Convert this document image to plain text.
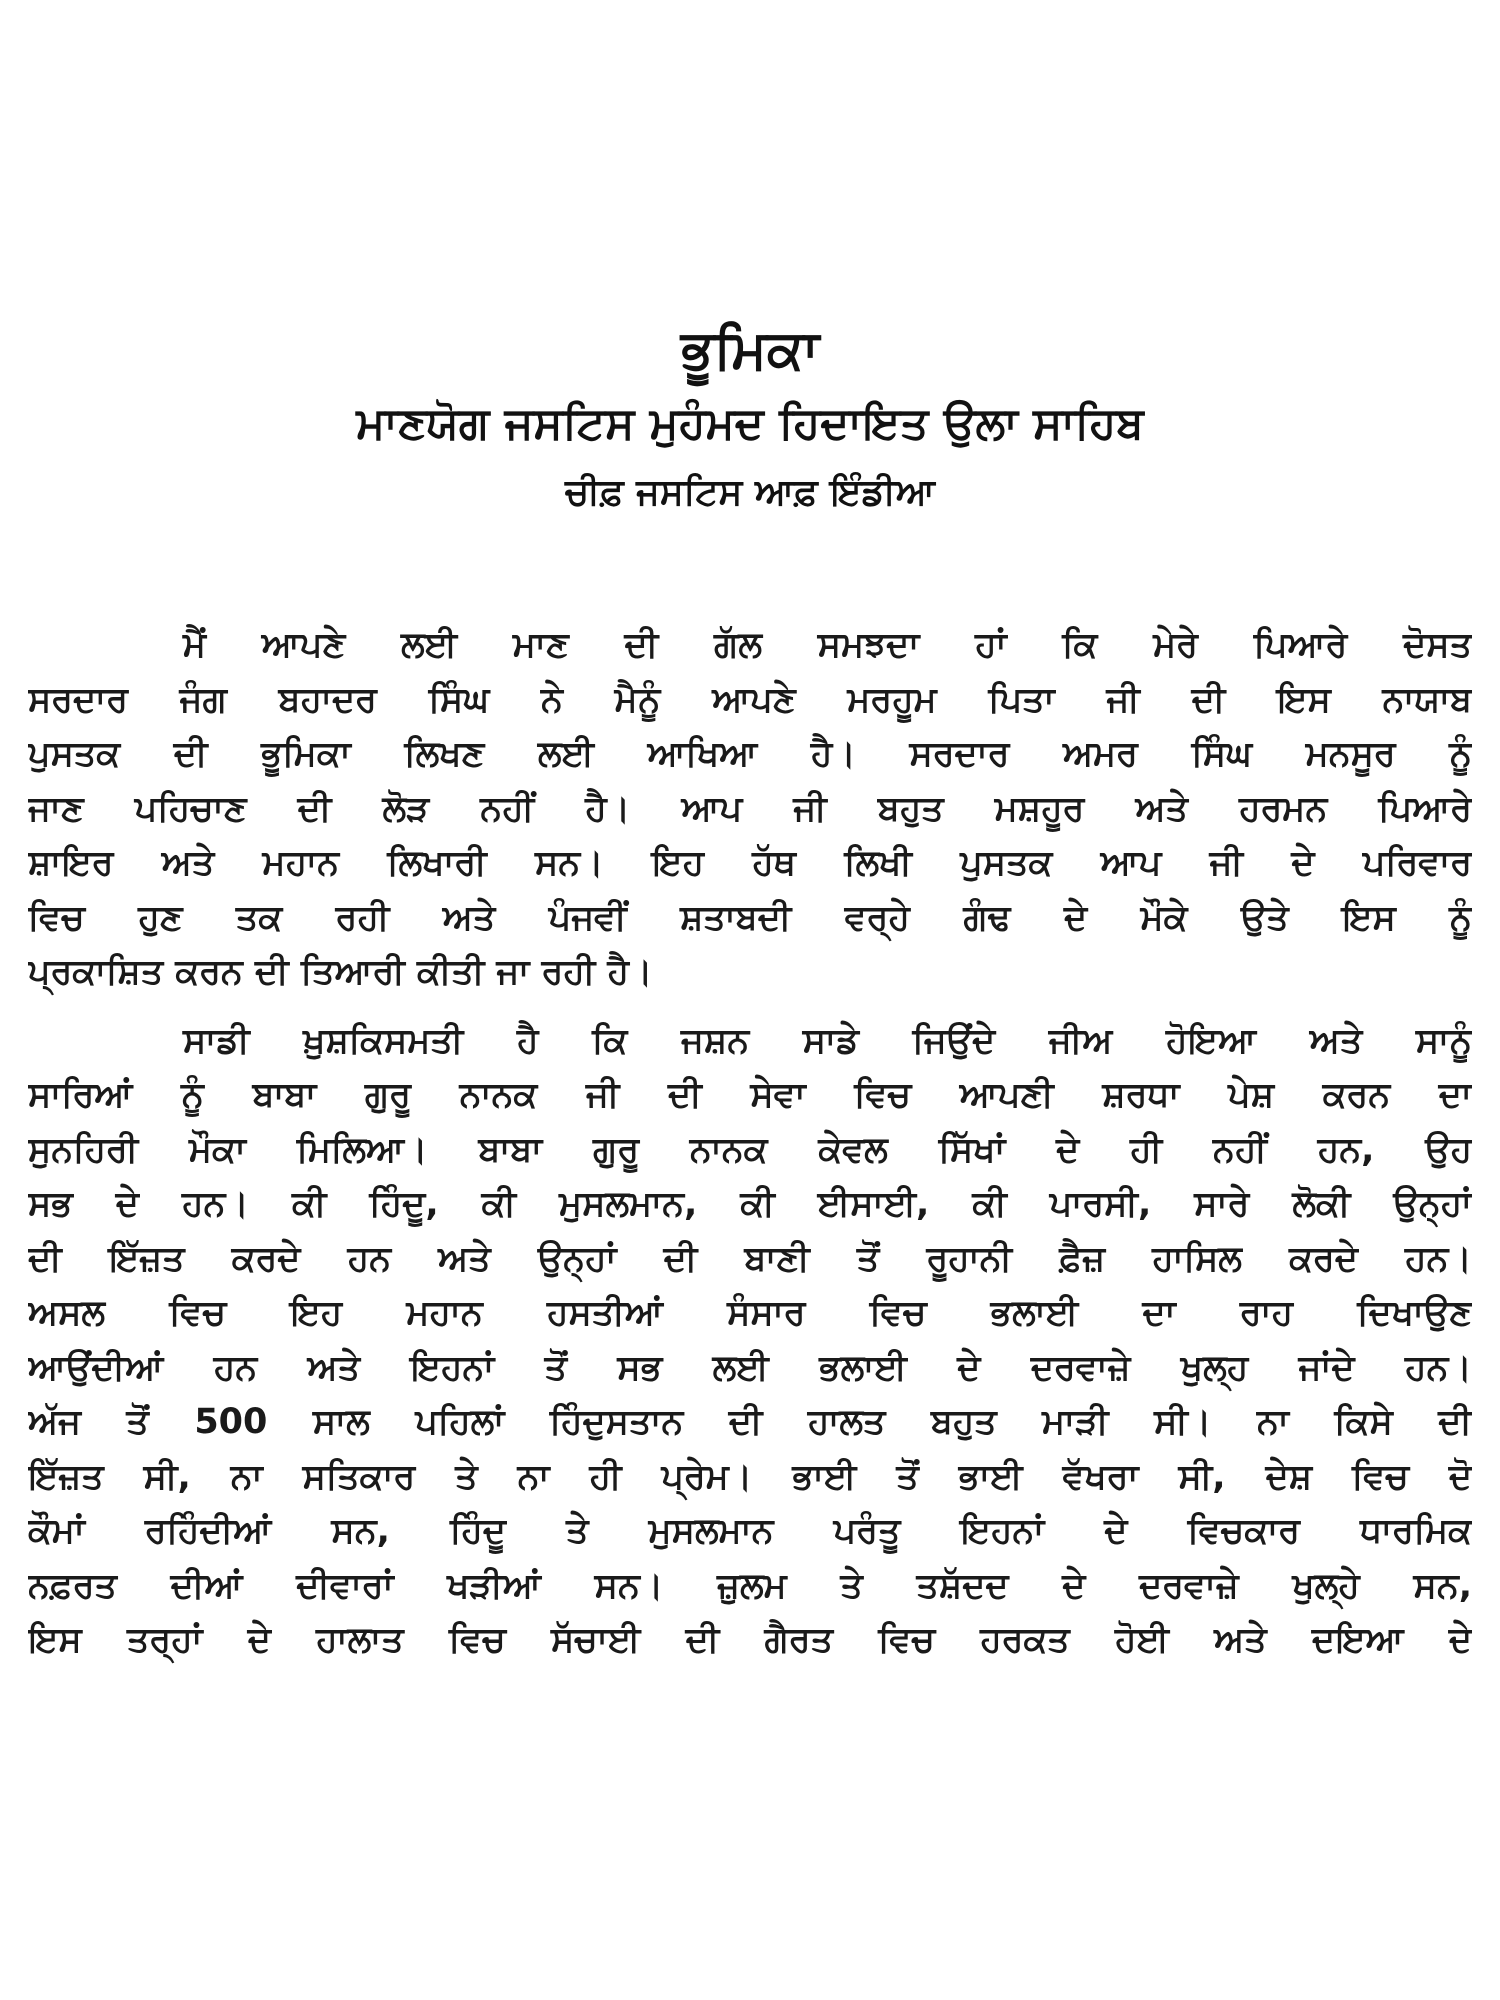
ਭੂਮਿਕਾ
ਮਾਣਯੋਗ ਜਸਟਿਸ ਮੁਹੰਮਦ ਹਿਦਾਇਤ ਉਲਾ ਸਾਹਿਬ
ਚੀਫ਼ ਜਸਟਿਸ ਆਫ਼ ਇੰਡੀਆ
ਮੈਂ ਆਪਣੇ ਲਈ ਮਾਣ ਦੀ ਗੱਲ ਸਮਝਦਾ ਹਾਂ ਕਿ ਮੇਰੇ ਪਿਆਰੇ ਦੋਸਤ
ਸਰਦਾਰ ਜੰਗ ਬਹਾਦਰ ਸਿੰਘ ਨੇ ਮੈਨੂੰ ਆਪਣੇ ਮਰਹੂਮ ਪਿਤਾ ਜੀ ਦੀ ਇਸ ਨਾਯਾਬ
ਪੁਸਤਕ ਦੀ ਭੂਮਿਕਾ ਲਿਖਣ ਲਈ ਆਖਿਆ ਹੈ। ਸਰਦਾਰ ਅਮਰ ਸਿੰਘ ਮਨਸੂਰ ਨੂੰ
ਜਾਣ ਪਹਿਚਾਣ ਦੀ ਲੋੜ ਨਹੀਂ ਹੈ। ਆਪ ਜੀ ਬਹੁਤ ਮਸ਼ਹੂਰ ਅਤੇ ਹਰਮਨ ਪਿਆਰੇ
ਸ਼ਾਇਰ ਅਤੇ ਮਹਾਨ ਲਿਖਾਰੀ ਸਨ। ਇਹ ਹੱਥ ਲਿਖੀ ਪੁਸਤਕ ਆਪ ਜੀ ਦੇ ਪਰਿਵਾਰ
ਵਿਚ ਹੁਣ ਤਕ ਰਹੀ ਅਤੇ ਪੰਜਵੀਂ ਸ਼ਤਾਬਦੀ ਵਰ੍ਹੇ ਗੰਢ ਦੇ ਮੌਕੇ ਉਤੇ ਇਸ ਨੂੰ
ਪ੍ਰਕਾਸ਼ਿਤ ਕਰਨ ਦੀ ਤਿਆਰੀ ਕੀਤੀ ਜਾ ਰਹੀ ਹੈ।
ਸਾਡੀ ਖ਼ੁਸ਼ਕਿਸਮਤੀ ਹੈ ਕਿ ਜਸ਼ਨ ਸਾਡੇ ਜਿਉਂਦੇ ਜੀਅ ਹੋਇਆ ਅਤੇ ਸਾਨੂੰ
ਸਾਰਿਆਂ ਨੂੰ ਬਾਬਾ ਗੁਰੂ ਨਾਨਕ ਜੀ ਦੀ ਸੇਵਾ ਵਿਚ ਆਪਣੀ ਸ਼ਰਧਾ ਪੇਸ਼ ਕਰਨ ਦਾ
ਸੁਨਹਿਰੀ ਮੌਕਾ ਮਿਲਿਆ। ਬਾਬਾ ਗੁਰੂ ਨਾਨਕ ਕੇਵਲ ਸਿੱਖਾਂ ਦੇ ਹੀ ਨਹੀਂ ਹਨ, ਉਹ
ਸਭ ਦੇ ਹਨ। ਕੀ ਹਿੰਦੂ, ਕੀ ਮੁਸਲਮਾਨ, ਕੀ ਈਸਾਈ, ਕੀ ਪਾਰਸੀ, ਸਾਰੇ ਲੋਕੀ ਉਨ੍ਹਾਂ
ਦੀ ਇੱਜ਼ਤ ਕਰਦੇ ਹਨ ਅਤੇ ਉਨ੍ਹਾਂ ਦੀ ਬਾਣੀ ਤੋਂ ਰੂਹਾਨੀ ਫ਼ੈਜ਼ ਹਾਸਿਲ ਕਰਦੇ ਹਨ।
ਅਸਲ ਵਿਚ ਇਹ ਮਹਾਨ ਹਸਤੀਆਂ ਸੰਸਾਰ ਵਿਚ ਭਲਾਈ ਦਾ ਰਾਹ ਦਿਖਾਉਣ
ਆਉਂਦੀਆਂ ਹਨ ਅਤੇ ਇਹਨਾਂ ਤੋਂ ਸਭ ਲਈ ਭਲਾਈ ਦੇ ਦਰਵਾਜ਼ੇ ਖੁਲ੍ਹ ਜਾਂਦੇ ਹਨ।
ਅੱਜ ਤੋਂ 500 ਸਾਲ ਪਹਿਲਾਂ ਹਿੰਦੁਸਤਾਨ ਦੀ ਹਾਲਤ ਬਹੁਤ ਮਾੜੀ ਸੀ। ਨਾ ਕਿਸੇ ਦੀ
ਇੱਜ਼ਤ ਸੀ, ਨਾ ਸਤਿਕਾਰ ਤੇ ਨਾ ਹੀ ਪ੍ਰੇਮ। ਭਾਈ ਤੋਂ ਭਾਈ ਵੱਖਰਾ ਸੀ, ਦੇਸ਼ ਵਿਚ ਦੋ
ਕੌਮਾਂ ਰਹਿੰਦੀਆਂ ਸਨ, ਹਿੰਦੂ ਤੇ ਮੁਸਲਮਾਨ ਪਰੰਤੂ ਇਹਨਾਂ ਦੇ ਵਿਚਕਾਰ ਧਾਰਮਿਕ
ਨਫ਼ਰਤ ਦੀਆਂ ਦੀਵਾਰਾਂ ਖੜੀਆਂ ਸਨ। ਜ਼ੁਲਮ ਤੇ ਤਸ਼ੱਦਦ ਦੇ ਦਰਵਾਜ਼ੇ ਖੁਲ੍ਹੇ ਸਨ,
ਇਸ ਤਰ੍ਹਾਂ ਦੇ ਹਾਲਾਤ ਵਿਚ ਸੱਚਾਈ ਦੀ ਗੈਰਤ ਵਿਚ ਹਰਕਤ ਹੋਈ ਅਤੇ ਦਇਆ ਦੇ
